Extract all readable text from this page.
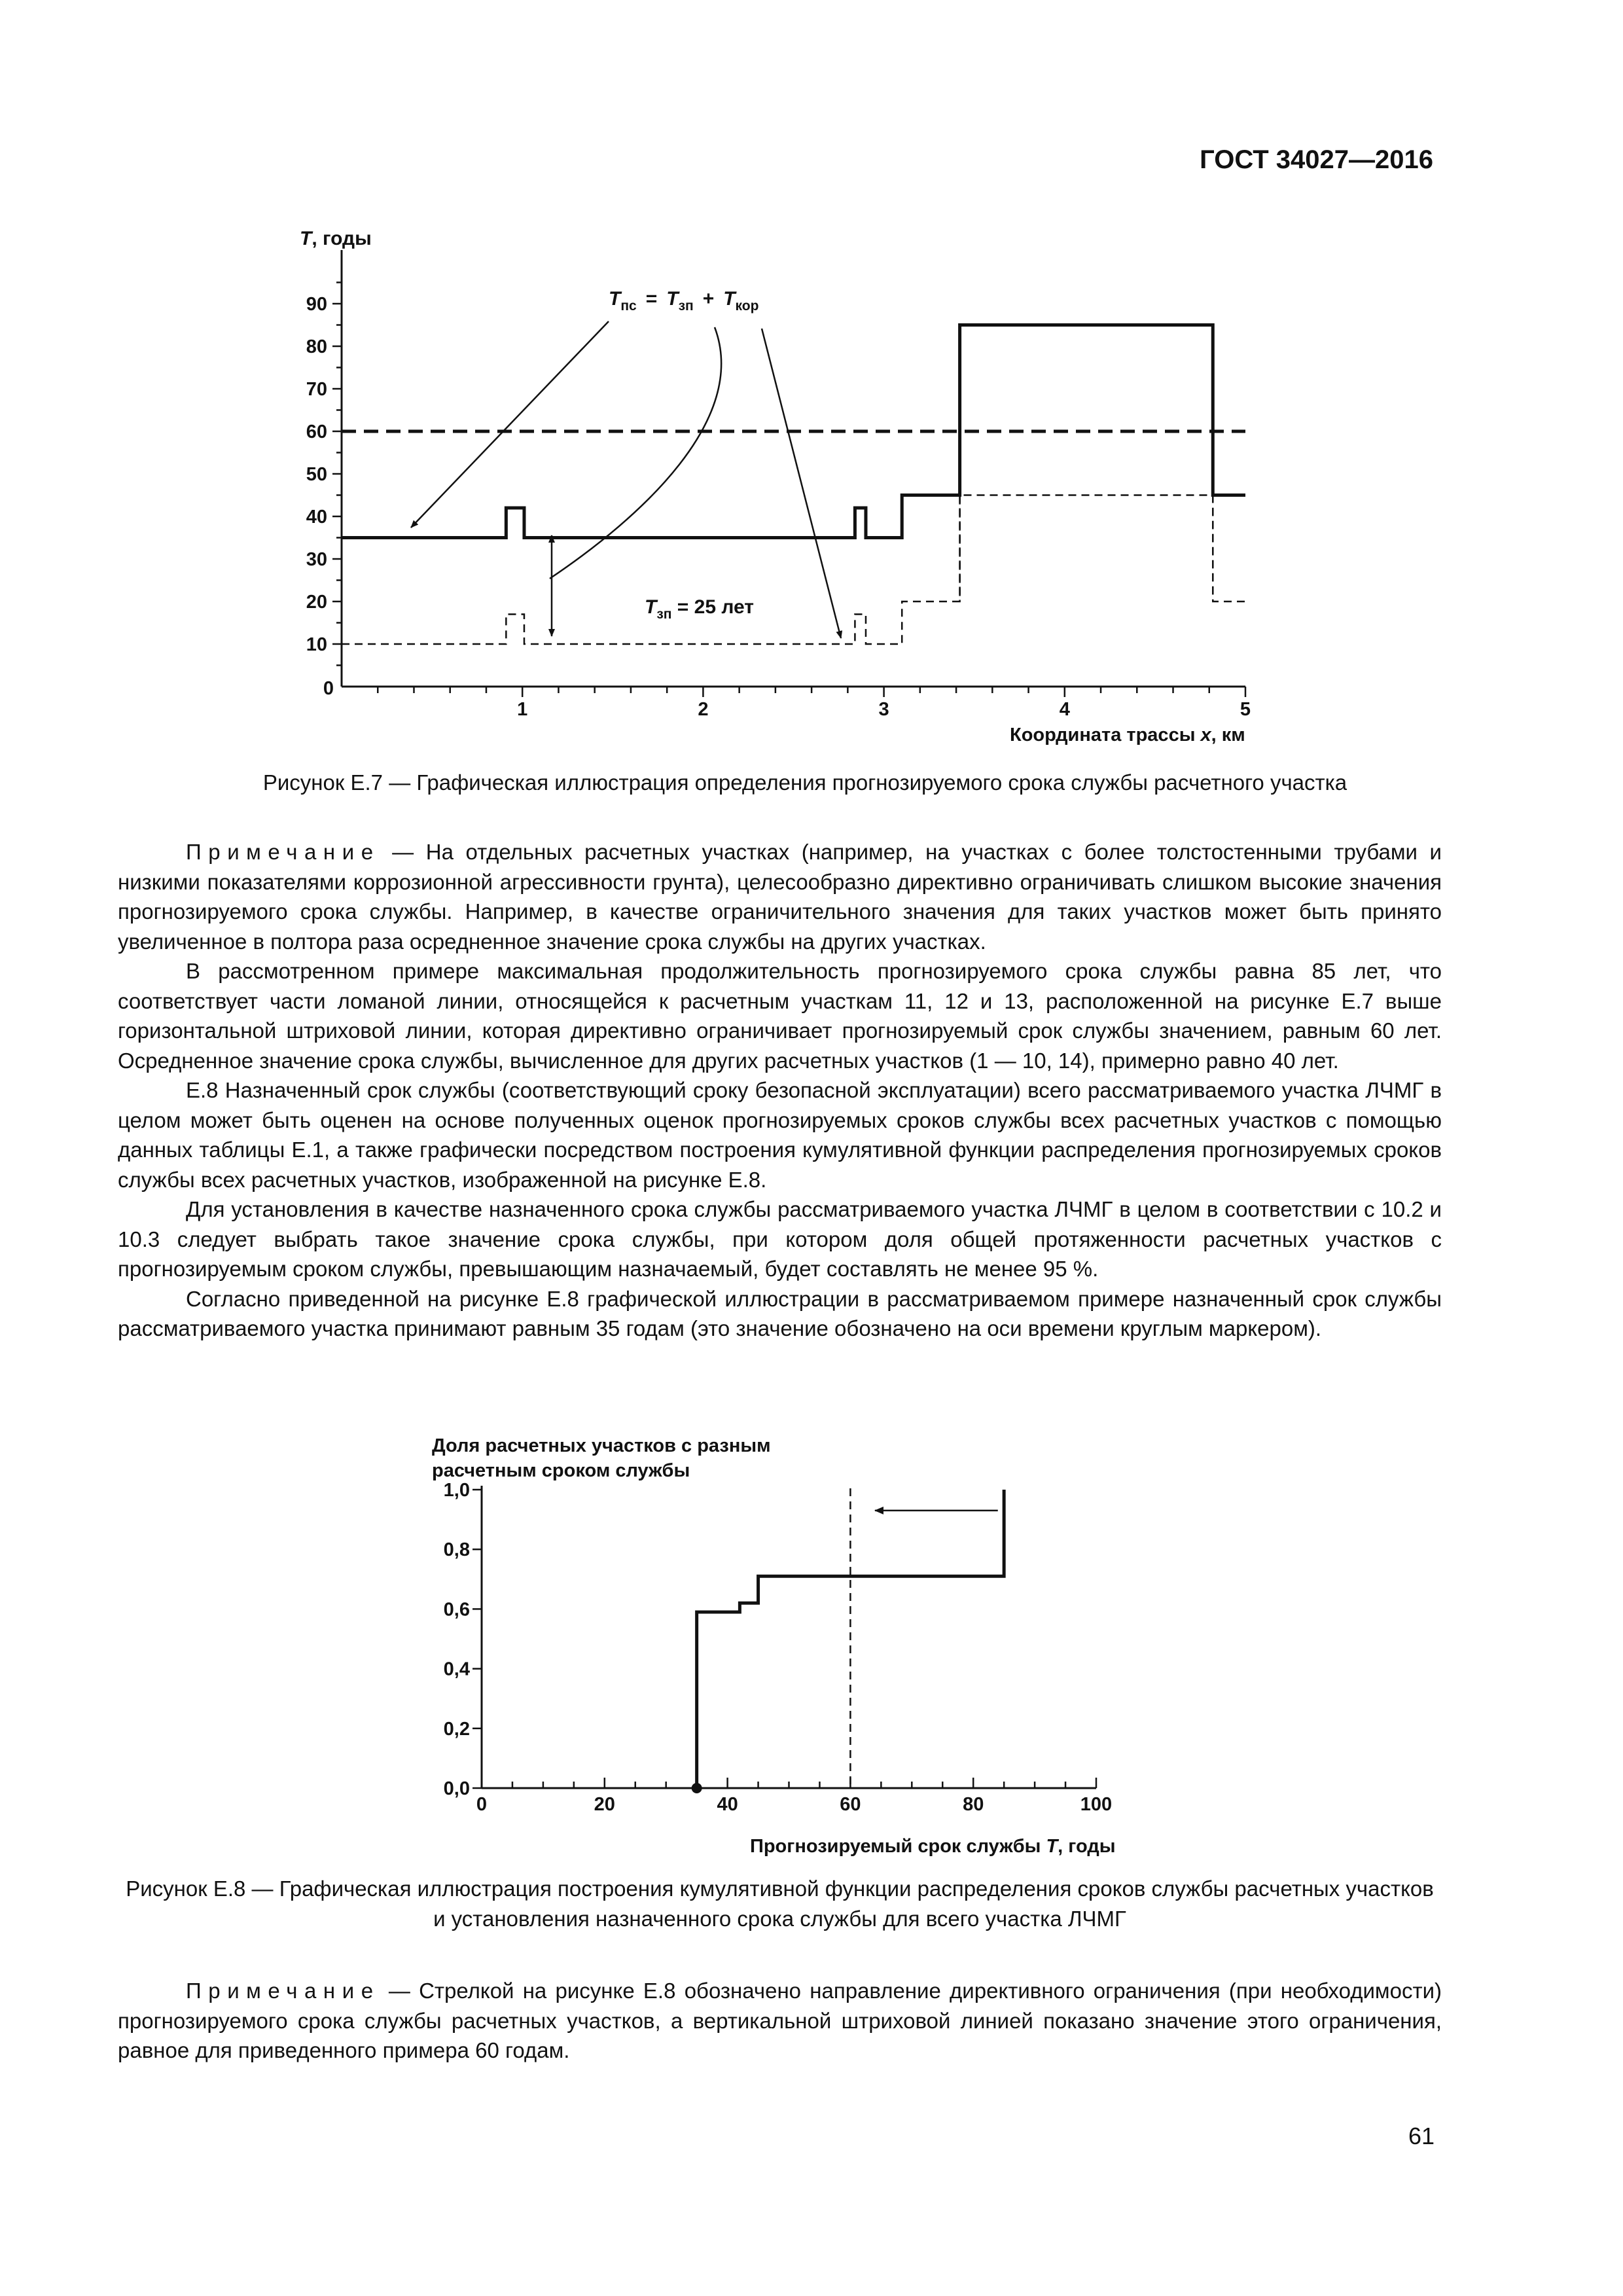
ГОСТ 34027—2016
0
10
20
30
40
50
60
70
80
90
1	2	3	4	5
T, годы
Координата трассы x, км
$T_{пс} = T_{зп} + T_{кор}$
$T_{зп} = 25$ лет
Рисунок Е.7 — Графическая иллюстрация определения прогнозируемого срока службы расчетного участка

Примечание — На отдельных расчетных участках (например, на участках с более толстостенными трубами и низкими показателями коррозионной агрессивности грунта), целесообразно директивно ограничивать слишком высокие значения прогнозируемого срока службы. Например, в качестве ограничительного значения для таких участков может быть принято увеличенное в полтора раза осредненное значение срока службы на других участках.

В рассмотренном примере максимальная продолжительность прогнозируемого срока службы равна 85 лет, что соответствует части ломаной линии, относящейся к расчетным участкам 11, 12 и 13, расположенной на рисунке Е.7 выше горизонтальной штриховой линии, которая директивно ограничивает прогнозируемый срок службы значением, равным 60 лет. Осредненное значение срока службы, вычисленное для других расчетных участков (1 — 10, 14), примерно равно 40 лет.

Е.8 Назначенный срок службы (соответствующий сроку безопасной эксплуатации) всего рассматриваемого участка ЛЧМГ в целом может быть оценен на основе полученных оценок прогнозируемых сроков службы всех расчетных участков с помощью данных таблицы Е.1, а также графически посредством построения кумулятивной функции распределения прогнозируемых сроков службы всех расчетных участков, изображенной на рисунке Е.8.

Для установления в качестве назначенного срока службы рассматриваемого участка ЛЧМГ в целом в соответствии с 10.2 и 10.3 следует выбрать такое значение срока службы, при котором доля общей протяженности расчетных участков с прогнозируемым сроком службы, превышающим назначаемый, будет составлять не менее 95 %.

Согласно приведенной на рисунке Е.8 графической иллюстрации в рассматриваемом примере назначенный срок службы рассматриваемого участка принимают равным 35 годам (это значение обозначено на оси времени круглым маркером).

Доля расчетных участков с разным
расчетным сроком службы
0,0
0,2
0,4
0,6
0,8
1,0
0	20	40	60	80	100
Прогнозируемый срок службы T, годы
Рисунок Е.8 — Графическая иллюстрация построения кумулятивной функции распределения сроков службы расчетных участков и установления назначенного срока службы для всего участка ЛЧМГ

Примечание — Стрелкой на рисунке Е.8 обозначено направление директивного ограничения (при необходимости) прогнозируемого срока службы расчетных участков, а вертикальной штриховой линией показано значение этого ограничения, равное для приведенного примера 60 годам.

61
